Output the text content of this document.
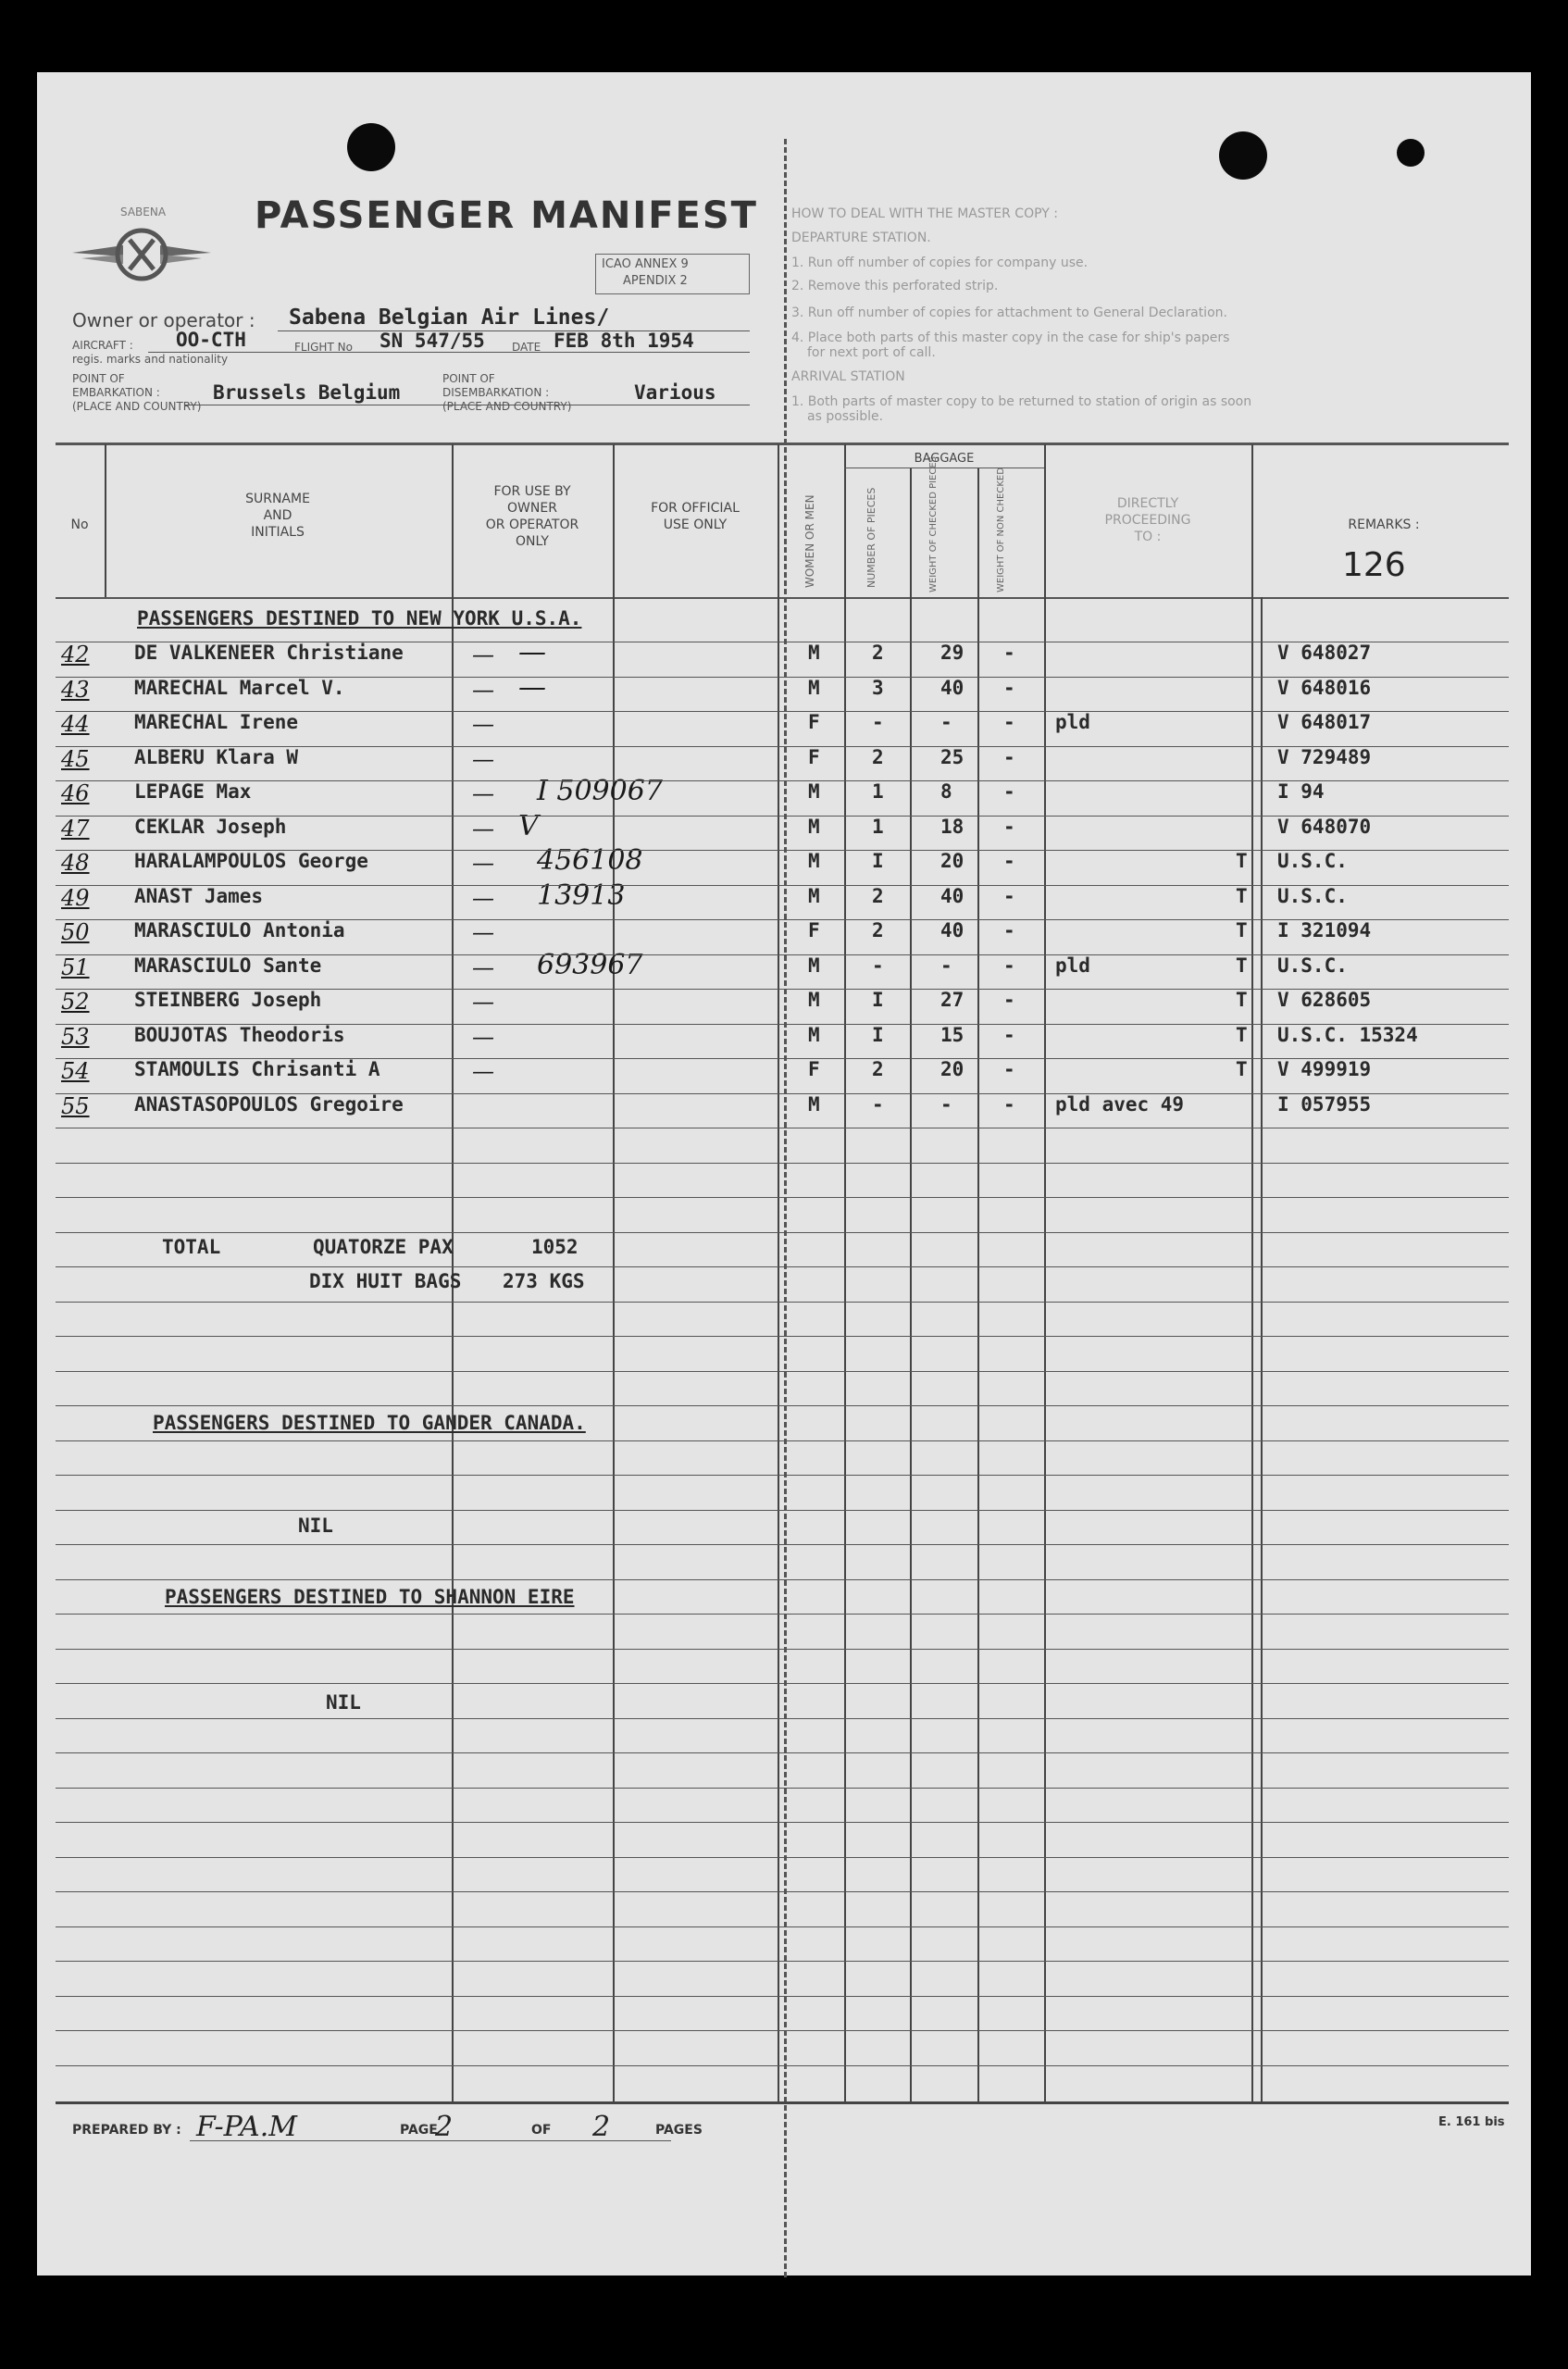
SABENA PASSENGER MANIFEST
ICAO ANNEX 9
APENDIX 2
Owner or operator : Sabena Belgian Air Lines/
AIRCRAFT : OO-CTH
regis. marks and nationality
FLIGHT No SN 547/55 DATE FEB 8th 1954
POINT OF
EMBARKATION :	Brussels Belgium
(PLACE AND COUNTRY)
POINT OF
DISEMBARKATION :	Various
(PLACE AND COUNTRY)
HOW TO DEAL WITH THE MASTER COPY :
DEPARTURE STATION.
1. Run off number of copies for company use.
2. Remove this perforated strip.
3. Run off number of copies for attachment to General Declaration.
4. Place both parts of this master copy in the case for ship's papers
for next port of call.
ARRIVAL STATION
1. Both parts of master copy to be returned to station of origin as soon
as possible.
No
SURNAME
AND
INITIALS
FOR USE BY
OWNER
OR OPERATOR
ONLY
FOR OFFICIAL
USE ONLY	WOMEN OR MEN
BAGGAGE
NUMBER OF PIECES	WEIGHT OF CHECKED PIECES	WEIGHT OF NON CHECKED	DIRECTLY
PROCEEDING
TO :
REMARKS :
126
PASSENGERS DESTINED TO NEW YORK U.S.A.
42 DE VALKENEER Christiane	— —	M	2	29 -	V 648027
43 MARECHAL Marcel V.	— —	M	3	40 -	V 648016
44 MARECHAL Irene	—	F	-	-	- pld	V 648017
45 ALBERU Klara W	—	F	2	25 -	V 729489
46 LEPAGE Max	— I 509067	M	1	8	-	I 94
47 CEKLAR Joseph	— V	M	1	18 -	V 648070
48 HARALAMPOULOS George	— 456108	M	I	20 -	T U.S.C.
49 ANAST James	— 13913	M	2	40 -	T U.S.C.
50 MARASCIULO Antonia	—	F	2	40 -	T I 321094
51 MARASCIULO Sante	— 693967	M	-	-	- pld	T U.S.C.
52 STEINBERG Joseph	—	M	I	27 -	T V 628605
53 BOUJOTAS Theodoris	—	M	I	15 -	T U.S.C. 15324
54 STAMOULIS Chrisanti A	—	F	2	20 -	T V 499919
55 ANASTASOPOULOS Gregoire	M	-	-	- pld avec 49	I 057955
TOTAL	QUATORZE PAX	1052
DIX HUIT BAGS 273 KGS
PASSENGERS DESTINED TO GANDER CANADA.
NIL
PASSENGERS DESTINED TO SHANNON EIRE
NIL
PREPARED BY : F-PA.M	PAGE
2	OF 2	PAGES
E. 161 bis
